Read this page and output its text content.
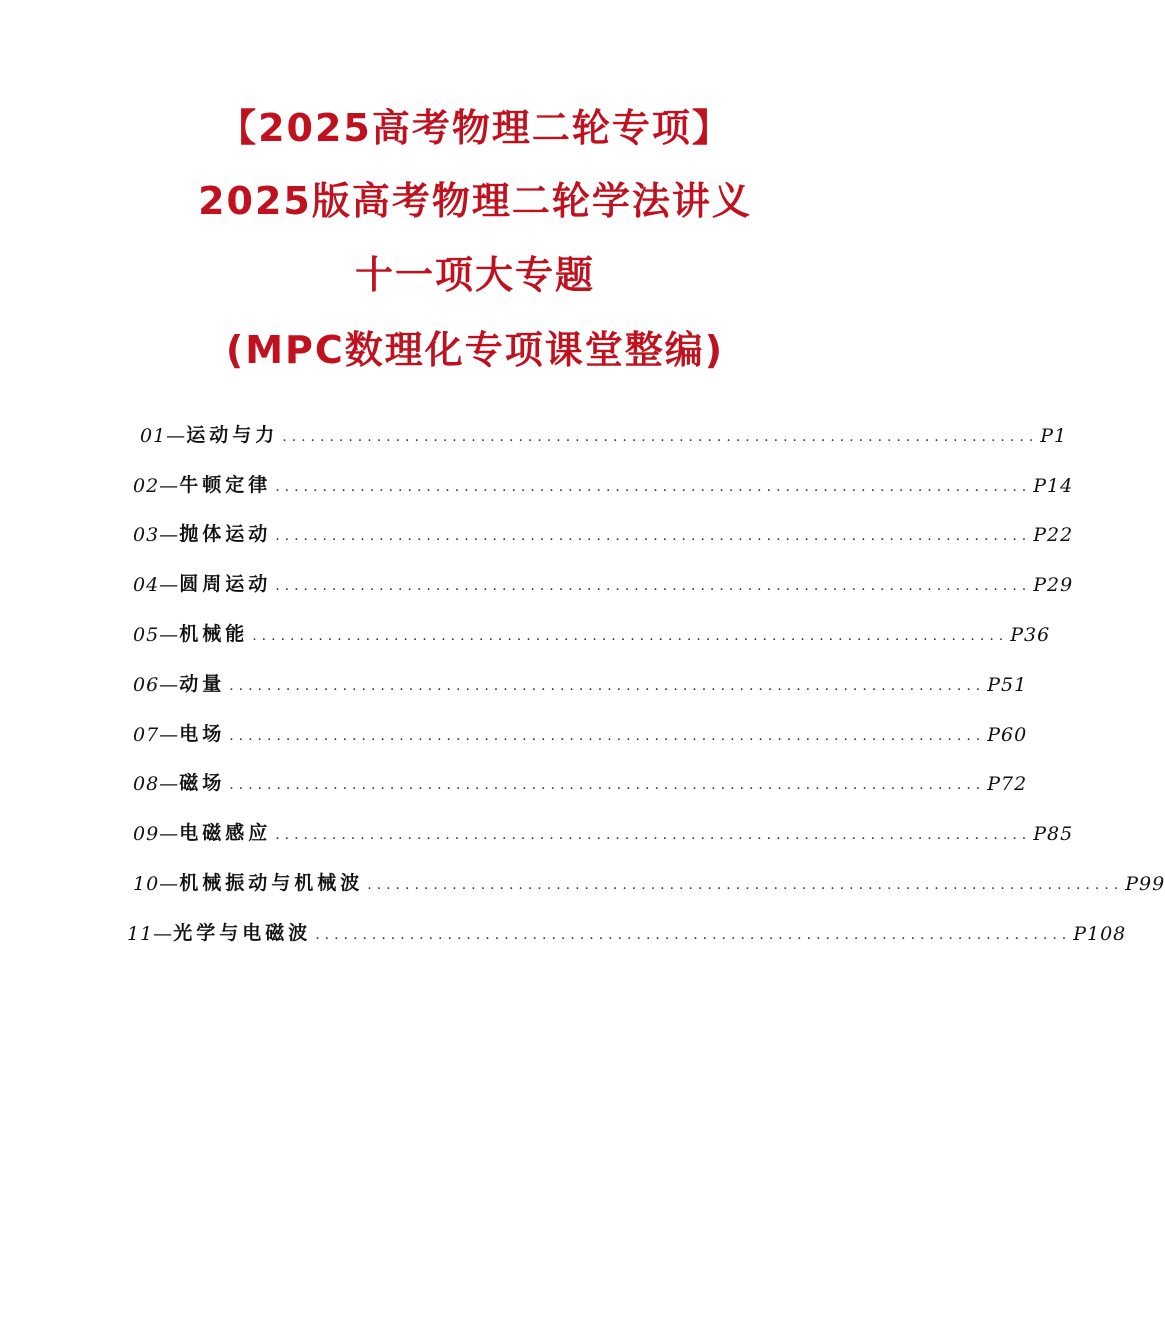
【2025高考物理二轮专项】
2025版高考物理二轮学法讲义
十一项大专题
(MPC数理化专项课堂整编)
01— 运动与力 ................................................................................ P1
02— 牛顿定律 ................................................................................ P14
03— 抛体运动 ................................................................................ P22
04— 圆周运动 ................................................................................ P29
05— 机械能 ................................................................................ P36
06— 动量 ................................................................................ P51
07— 电场 ................................................................................ P60
08— 磁场 ................................................................................ P72
09— 电磁感应 ................................................................................ P85
10— 机械振动与机械波 ................................................................................ P99
11— 光学与电磁波 ................................................................................ P108
